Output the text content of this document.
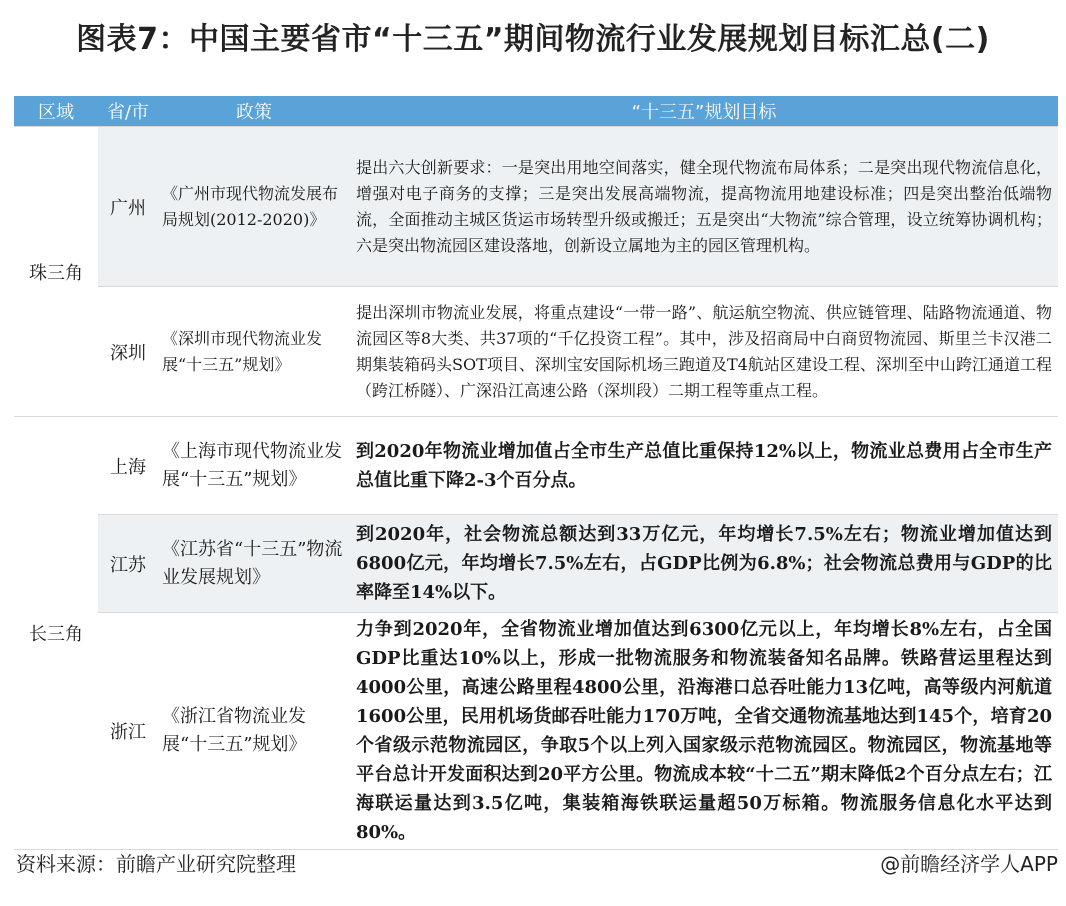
图表7：中国主要省市“十三五”期间物流行业发展规划目标汇总(二)
区域	省/市	政策	“十三五”规划目标
珠三角	广州	《广州市现代物流发展布局规划(2012-2020)》	提出六大创新要求：一是突出用地空间落实，健全现代物流布局体系；二是突出现代物流信息化，增强对电子商务的支撑；三是突出发展高端物流，提高物流用地建设标准；四是突出整治低端物流，全面推动主城区货运市场转型升级或搬迁；五是突出“大物流”综合管理，设立统筹协调机构；六是突出物流园区建设落地，创新设立属地为主的园区管理机构。
	深圳	《深圳市现代物流业发展“十三五”规划》	提出深圳市物流业发展，将重点建设“一带一路”、航运航空物流、供应链管理、陆路物流通道、物流园区等8大类、共37项的“千亿投资工程”。其中，涉及招商局中白商贸物流园、斯里兰卡汉港二期集装箱码头SOT项目、深圳宝安国际机场三跑道及T4航站区建设工程、深圳至中山跨江通道工程（跨江桥隧）、广深沿江高速公路（深圳段）二期工程等重点工程。
长三角	上海	《上海市现代物流业发展“十三五”规划》	到2020年物流业增加值占全市生产总值比重保持12%以上，物流业总费用占全市生产总值比重下降2-3个百分点。
	江苏	《江苏省“十三五”物流业发展规划》	到2020年，社会物流总额达到33万亿元，年均增长7.5%左右；物流业增加值达到6800亿元，年均增长7.5%左右，占GDP比例为6.8%；社会物流总费用与GDP的比率降至14%以下。
	浙江	《浙江省物流业发展“十三五”规划》	力争到2020年，全省物流业增加值达到6300亿元以上，年均增长8%左右，占全国GDP比重达10%以上，形成一批物流服务和物流装备知名品牌。铁路营运里程达到4000公里，高速公路里程4800公里，沿海港口总吞吐能力13亿吨，高等级内河航道1600公里，民用机场货邮吞吐能力170万吨，全省交通物流基地达到145个，培育20个省级示范物流园区，争取5个以上列入国家级示范物流园区。物流园区，物流基地等平台总计开发面积达到20平方公里。物流成本较“十二五”期末降低2个百分点左右；江海联运量达到3.5亿吨，集装箱海铁联运量超50万标箱。物流服务信息化水平达到80%。
资料来源：前瞻产业研究院整理	@前瞻经济学人APP
